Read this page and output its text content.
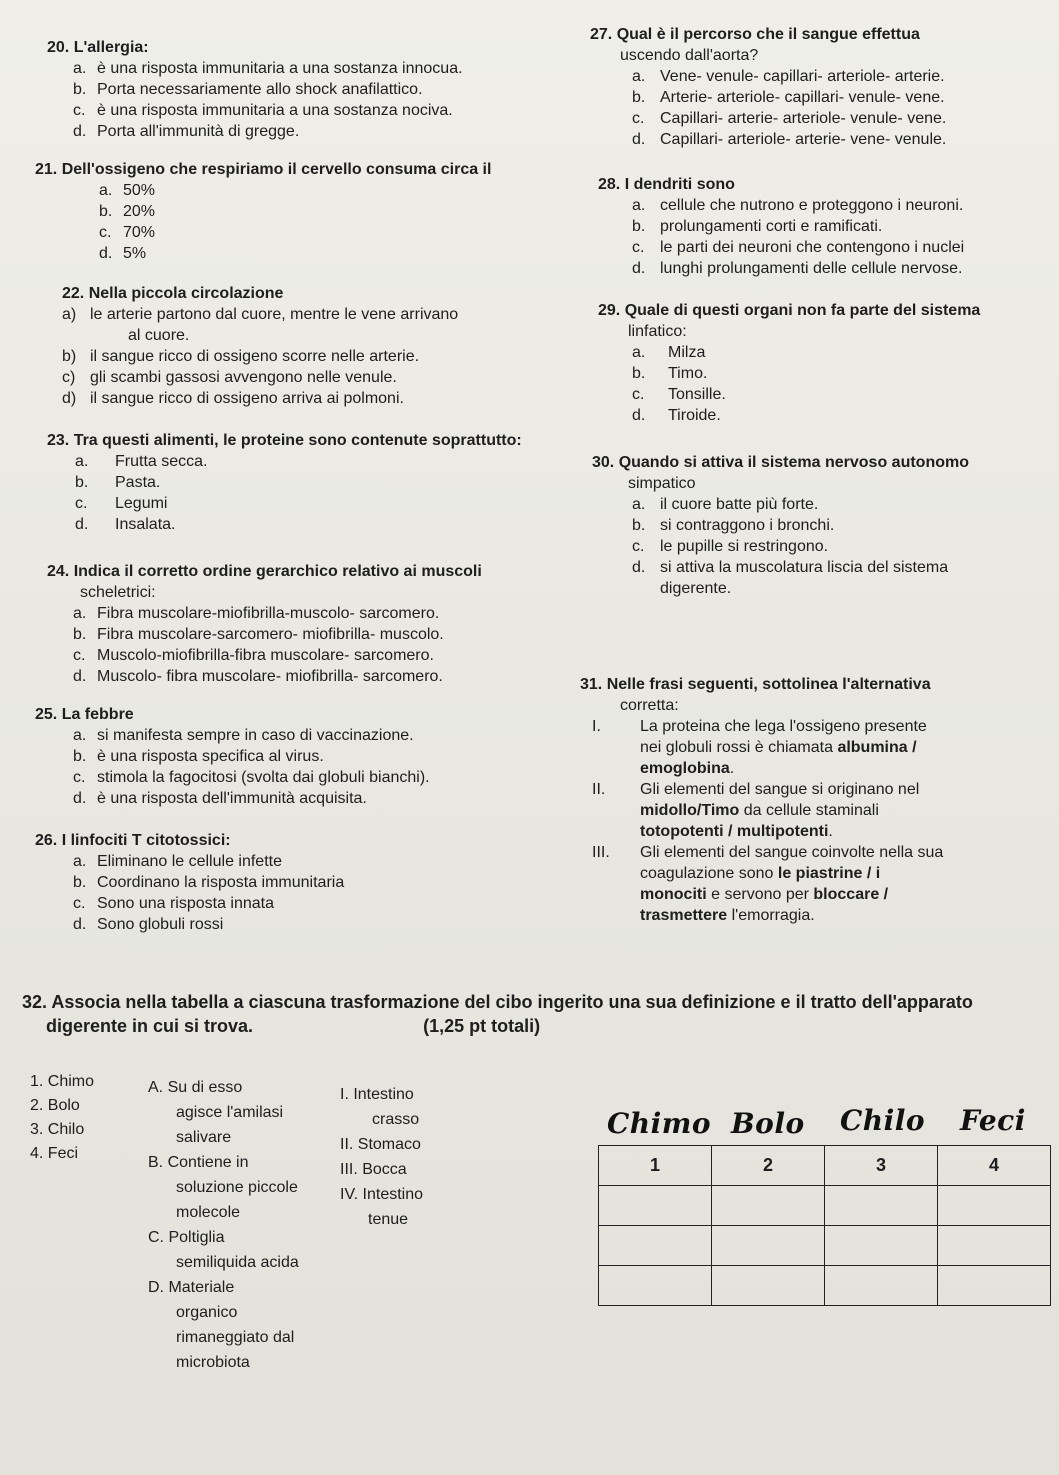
20. L'allergia:
a. è una risposta immunitaria a una sostanza innocua.
b. Porta necessariamente allo shock anafilattico.
c. è una risposta immunitaria a una sostanza nociva.
d. Porta all'immunità di gregge.
21. Dell'ossigeno che respiriamo il cervello consuma circa il
a. 50%
b. 20%
c. 70%
d. 5%
22. Nella piccola circolazione
a) le arterie partono dal cuore, mentre le vene arrivano
al cuore.
b) il sangue ricco di ossigeno scorre nelle arterie.
c) gli scambi gassosi avvengono nelle venule.
d) il sangue ricco di ossigeno arriva ai polmoni.
23. Tra questi alimenti, le proteine sono contenute soprattutto:
a. Frutta secca.
b. Pasta.
c. Legumi
d. Insalata.
24. Indica il corretto ordine gerarchico relativo ai muscoli
scheletrici:
a. Fibra muscolare-miofibrilla-muscolo- sarcomero.
b. Fibra muscolare-sarcomero- miofibrilla- muscolo.
c. Muscolo-miofibrilla-fibra muscolare- sarcomero.
d. Muscolo- fibra muscolare- miofibrilla- sarcomero.
25. La febbre
a. si manifesta sempre in caso di vaccinazione.
b. è una risposta specifica al virus.
c. stimola la fagocitosi (svolta dai globuli bianchi).
d. è una risposta dell'immunità acquisita.
26. I linfociti T citotossici:
a. Eliminano le cellule infette
b. Coordinano la risposta immunitaria
c. Sono una risposta innata
d. Sono globuli rossi
27. Qual è il percorso che il sangue effettua
uscendo dall'aorta?
a. Vene- venule- capillari- arteriole- arterie.
b. Arterie- arteriole- capillari- venule- vene.
c. Capillari- arterie- arteriole- venule- vene.
d. Capillari- arteriole- arterie- vene- venule.
28. I dendriti sono
a. cellule che nutrono e proteggono i neuroni.
b. prolungamenti corti e ramificati.
c. le parti dei neuroni che contengono i nuclei
d. lunghi prolungamenti delle cellule nervose.
29. Quale di questi organi non fa parte del sistema
linfatico:
a. Milza
b. Timo.
c. Tonsille.
d. Tiroide.
30. Quando si attiva il sistema nervoso autonomo
simpatico
a. il cuore batte più forte.
b. si contraggono i bronchi.
c. le pupille si restringono.
d. si attiva la muscolatura liscia del sistema
digerente.
31. Nelle frasi seguenti, sottolinea l'alternativa
corretta:
I.	La proteina che lega l'ossigeno presente
nei globuli rossi è chiamata albumina /
emoglobina.
II.	Gli elementi del sangue si originano nel
midollo/Timo da cellule staminali
totopotenti / multipotenti.
III.	Gli elementi del sangue coinvolte nella sua
coagulazione sono le piastrine / i
monociti e servono per bloccare /
trasmettere l'emorragia.
32. Associa nella tabella a ciascuna trasformazione del cibo ingerito una sua definizione e il tratto dell'apparato
digerente in cui si trova.	(1,25 pt totali)
1. Chimo
2. Bolo
3. Chilo
4. Feci
A. Su di esso
agisce l'amilasi
salivare
B. Contiene in
soluzione piccole
molecole
C. Poltiglia
semiliquida acida
D. Materiale
organico
rimaneggiato dal
microbiota
I. Intestino
crasso
II. Stomaco
III. Bocca
IV. Intestino
tenue
Chimo Bolo Chilo Feci
1	2	3	4
